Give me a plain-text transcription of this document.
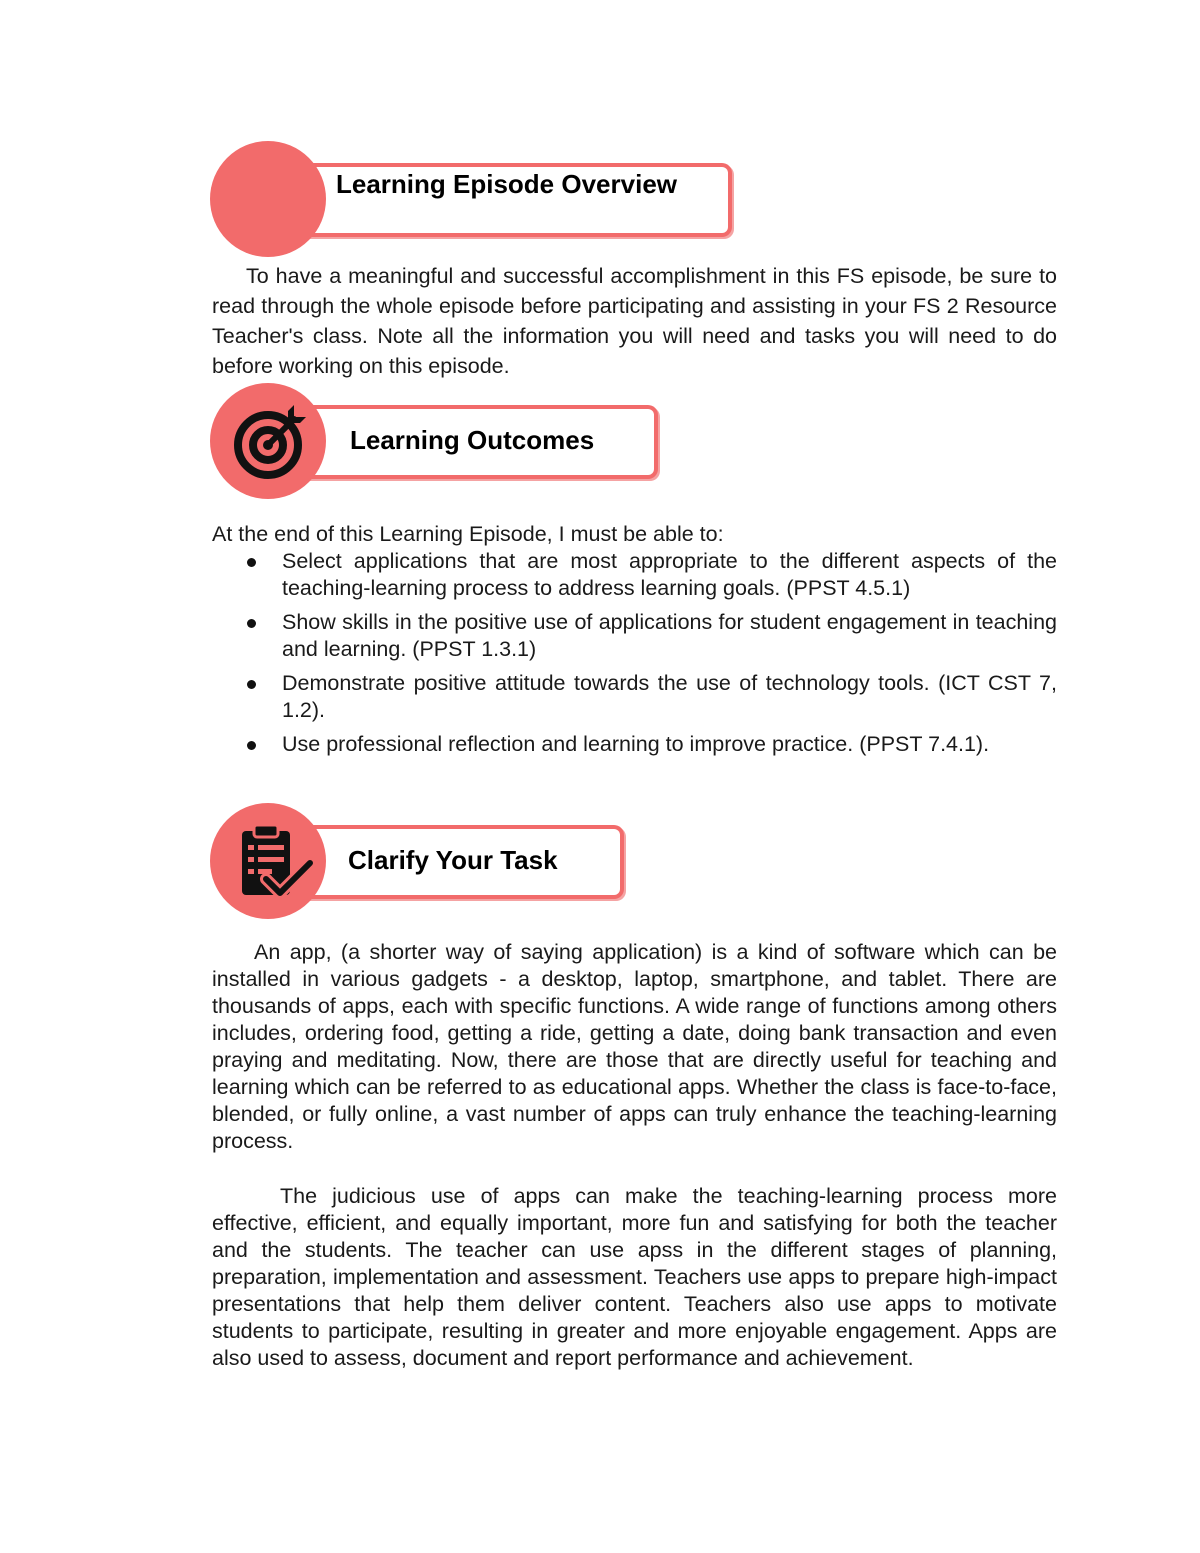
Learning Episode Overview

To have a meaningful and successful accomplishment in this FS episode, be sure to read through the whole episode before participating and assisting in your FS 2 Resource Teacher's class. Note all the information you will need and tasks you will need to do before working on this episode.

Learning Outcomes

At the end of this Learning Episode, I must be able to:

Select applications that are most appropriate to the different aspects of the teaching-learning process to address learning goals. (PPST 4.5.1)
Show skills in the positive use of applications for student engagement in teaching and learning. (PPST 1.3.1)
Demonstrate positive attitude towards the use of technology tools. (ICT CST 7, 1.2).
Use professional reflection and learning to improve practice. (PPST 7.4.1).
Clarify Your Task

An app, (a shorter way of saying application) is a kind of software which can be installed in various gadgets - a desktop, laptop, smartphone, and tablet. There are thousands of apps, each with specific functions. A wide range of functions among others includes, ordering food, getting a ride, getting a date, doing bank transaction and even praying and meditating. Now, there are those that are directly useful for teaching and learning which can be referred to as educational apps. Whether the class is face-to-face, blended, or fully online, a vast number of apps can truly enhance the teaching-learning process.

The judicious use of apps can make the teaching-learning process more effective, efficient, and equally important, more fun and satisfying for both the teacher and the students. The teacher can use apss in the different stages of planning, preparation, implementation and assessment. Teachers use apps to prepare high-impact presentations that help them deliver content. Teachers also use apps to motivate students to participate, resulting in greater and more enjoyable engagement. Apps are also used to assess, document and report performance and achievement.
